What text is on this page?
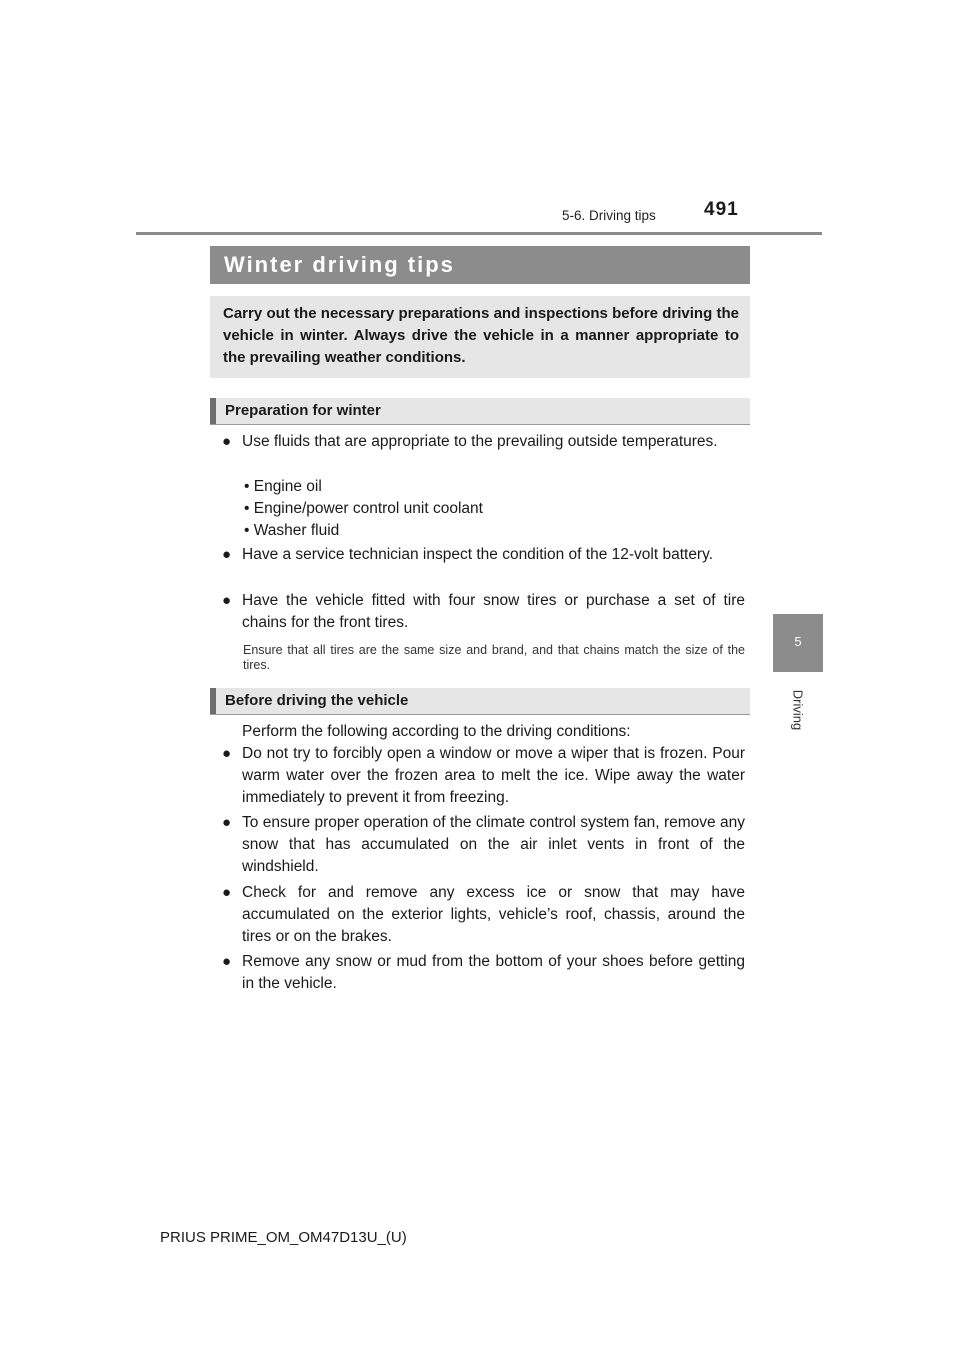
5-6. Driving tips	491
5
Driving
Winter driving tips
Carry out the necessary preparations and inspections before driving the vehicle in winter. Always drive the vehicle in a manner appropriate to the prevailing weather conditions.
Preparation for winter
● Use fluids that are appropriate to the prevailing outside temperatures.
• Engine oil
• Engine/power control unit coolant
• Washer fluid
● Have a service technician inspect the condition of the 12-volt battery.
● Have the vehicle fitted with four snow tires or purchase a set of tire chains for the front tires.
Ensure that all tires are the same size and brand, and that chains match the size of the tires.
Before driving the vehicle
Perform the following according to the driving conditions:
● Do not try to forcibly open a window or move a wiper that is frozen. Pour warm water over the frozen area to melt the ice. Wipe away the water immediately to prevent it from freezing.
● To ensure proper operation of the climate control system fan, remove any snow that has accumulated on the air inlet vents in front of the windshield.
● Check for and remove any excess ice or snow that may have accumulated on the exterior lights, vehicle’s roof, chassis, around the tires or on the brakes.
● Remove any snow or mud from the bottom of your shoes before getting in the vehicle.
PRIUS PRIME_OM_OM47D13U_(U)
